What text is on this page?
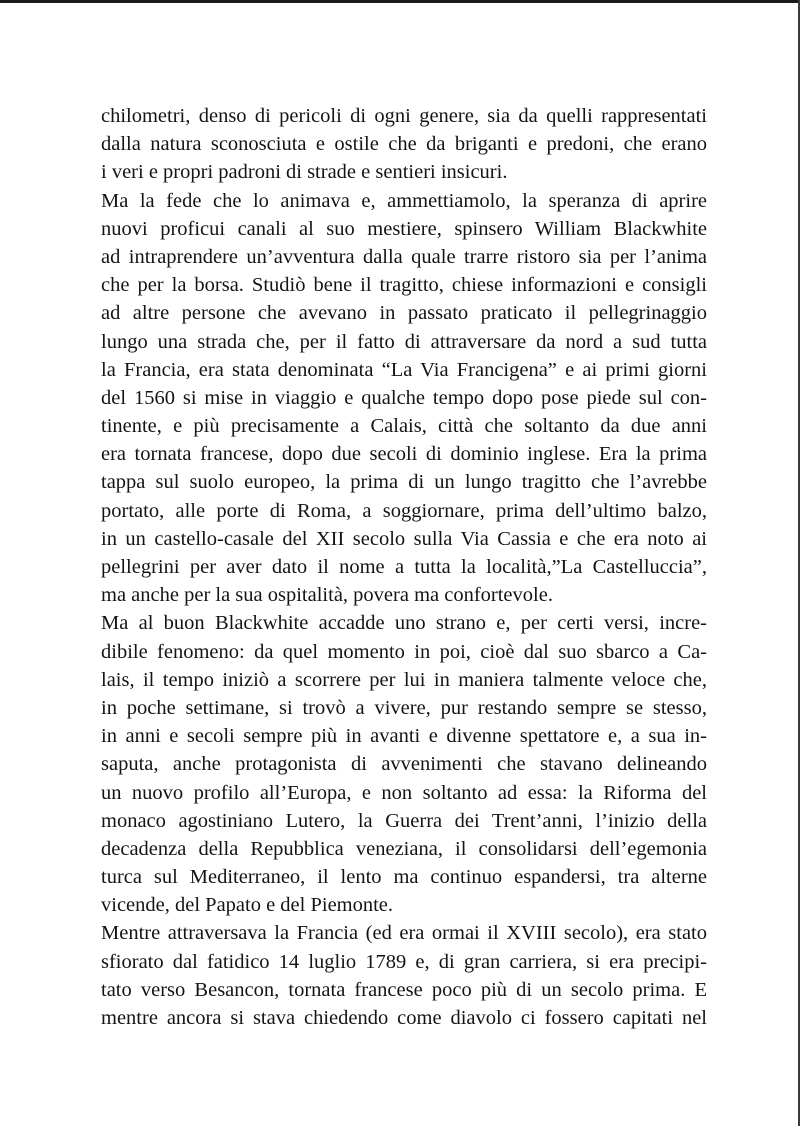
chilometri, denso di pericoli di ogni genere, sia da quelli rappresentati
dalla natura sconosciuta e ostile che da briganti e predoni, che erano
i veri e propri padroni di strade e sentieri insicuri.
Ma la fede che lo animava e, ammettiamolo, la speranza di aprire
nuovi proficui canali al suo mestiere, spinsero William Blackwhite
ad intraprendere un’avventura dalla quale trarre ristoro sia per l’anima
che per la borsa. Studiò bene il tragitto, chiese informazioni e consigli
ad altre persone che avevano in passato praticato il pellegrinaggio
lungo una strada che, per il fatto di attraversare da nord a sud tutta
la Francia, era stata denominata “La Via Francigena” e ai primi giorni
del 1560 si mise in viaggio e qualche tempo dopo pose piede sul con-
tinente, e più precisamente a Calais, città che soltanto da due anni
era tornata francese, dopo due secoli di dominio inglese. Era la prima
tappa sul suolo europeo, la prima di un lungo tragitto che l’avrebbe
portato, alle porte di Roma, a soggiornare, prima dell’ultimo balzo,
in un castello-casale del XII secolo sulla Via Cassia e che era noto ai
pellegrini per aver dato il nome a tutta la località,”La Castelluccia”,
ma anche per la sua ospitalità, povera ma confortevole.
Ma al buon Blackwhite accadde uno strano e, per certi versi, incre-
dibile fenomeno: da quel momento in poi, cioè dal suo sbarco a Ca-
lais, il tempo iniziò a scorrere per lui in maniera talmente veloce che,
in poche settimane, si trovò a vivere, pur restando sempre se stesso,
in anni e secoli sempre più in avanti e divenne spettatore e, a sua in-
saputa, anche protagonista di avvenimenti che stavano delineando
un nuovo profilo all’Europa, e non soltanto ad essa: la Riforma del
monaco agostiniano Lutero, la Guerra dei Trent’anni, l’inizio della
decadenza della Repubblica veneziana, il consolidarsi dell’egemonia
turca sul Mediterraneo, il lento ma continuo espandersi, tra alterne
vicende, del Papato e del Piemonte.
Mentre attraversava la Francia (ed era ormai il XVIII secolo), era stato
sfiorato dal fatidico 14 luglio 1789 e, di gran carriera, si era precipi-
tato verso Besancon, tornata francese poco più di un secolo prima. E
mentre ancora si stava chiedendo come diavolo ci fossero capitati nel
